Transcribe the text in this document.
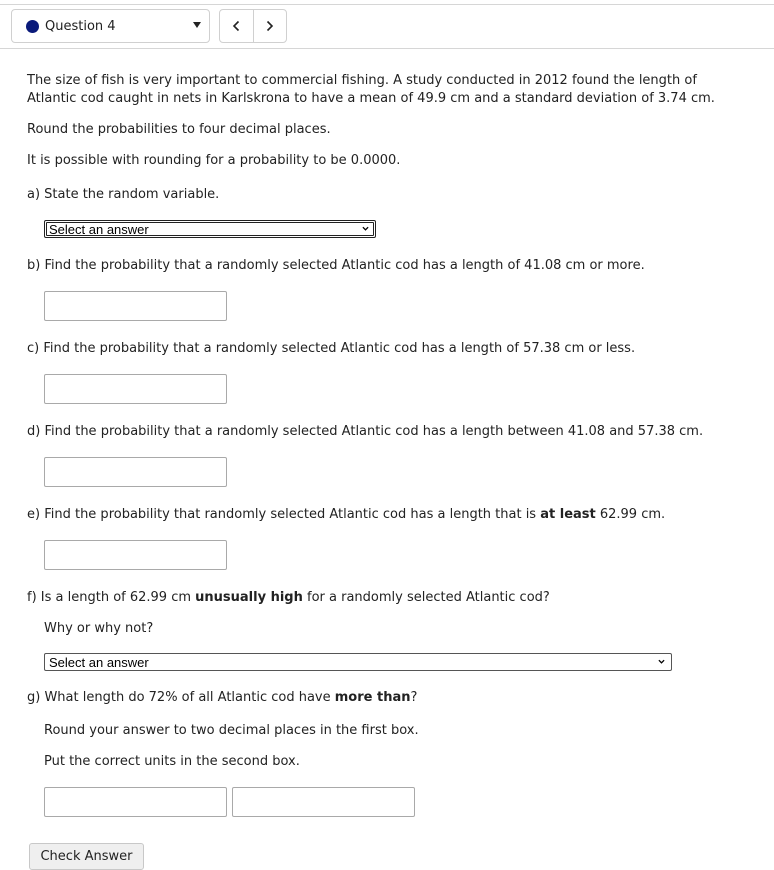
Question 4
The size of fish is very important to commercial fishing. A study conducted in 2012 found the length of Atlantic cod caught in nets in Karlskrona to have a mean of 49.9 cm and a standard deviation of 3.74 cm.
Round the probabilities to four decimal places.
It is possible with rounding for a probability to be 0.0000.
a) State the random variable.
Select an answer
b) Find the probability that a randomly selected Atlantic cod has a length of 41.08 cm or more.
c) Find the probability that a randomly selected Atlantic cod has a length of 57.38 cm or less.
d) Find the probability that a randomly selected Atlantic cod has a length between 41.08 and 57.38 cm.
e) Find the probability that randomly selected Atlantic cod has a length that is at least 62.99 cm.
f) Is a length of 62.99 cm unusually high for a randomly selected Atlantic cod?
Why or why not?
Select an answer
g) What length do 72% of all Atlantic cod have more than?
Round your answer to two decimal places in the first box.
Put the correct units in the second box.
Check Answer
